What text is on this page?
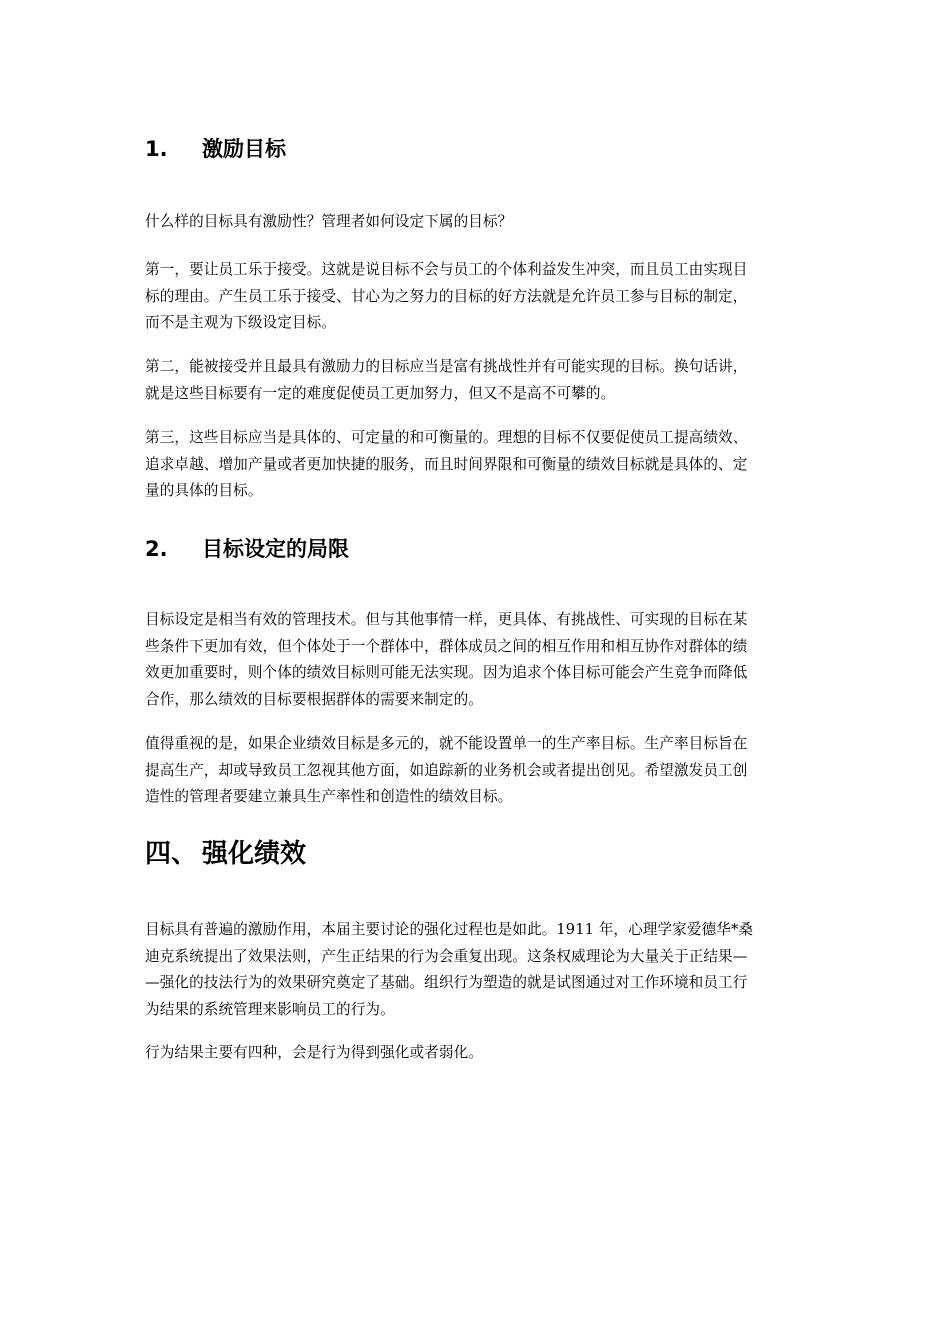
1. 激励目标
什么样的目标具有激励性？管理者如何设定下属的目标？
第一，要让员工乐于接受。这就是说目标不会与员工的个体利益发生冲突，而且员工由实现目
标的理由。产生员工乐于接受、甘心为之努力的目标的好方法就是允许员工参与目标的制定，
而不是主观为下级设定目标。
第二，能被接受并且最具有激励力的目标应当是富有挑战性并有可能实现的目标。换句话讲，
就是这些目标要有一定的难度促使员工更加努力，但又不是高不可攀的。
第三，这些目标应当是具体的、可定量的和可衡量的。理想的目标不仅要促使员工提高绩效、
追求卓越、增加产量或者更加快捷的服务，而且时间界限和可衡量的绩效目标就是具体的、定
量的具体的目标。
2. 目标设定的局限
目标设定是相当有效的管理技术。但与其他事情一样，更具体、有挑战性、可实现的目标在某
些条件下更加有效，但个体处于一个群体中，群体成员之间的相互作用和相互协作对群体的绩
效更加重要时，则个体的绩效目标则可能无法实现。因为追求个体目标可能会产生竞争而降低
合作，那么绩效的目标要根据群体的需要来制定的。
值得重视的是，如果企业绩效目标是多元的，就不能设置单一的生产率目标。生产率目标旨在
提高生产，却或导致员工忽视其他方面，如追踪新的业务机会或者提出创见。希望激发员工创
造性的管理者要建立兼具生产率性和创造性的绩效目标。
四、 强化绩效
目标具有普遍的激励作用，本届主要讨论的强化过程也是如此。1911 年，心理学家爱德华*桑
迪克系统提出了效果法则，产生正结果的行为会重复出现。这条权威理论为大量关于正结果—
—强化的技法行为的效果研究奠定了基础。组织行为塑造的就是试图通过对工作环境和员工行
为结果的系统管理来影响员工的行为。
行为结果主要有四种，会是行为得到强化或者弱化。
